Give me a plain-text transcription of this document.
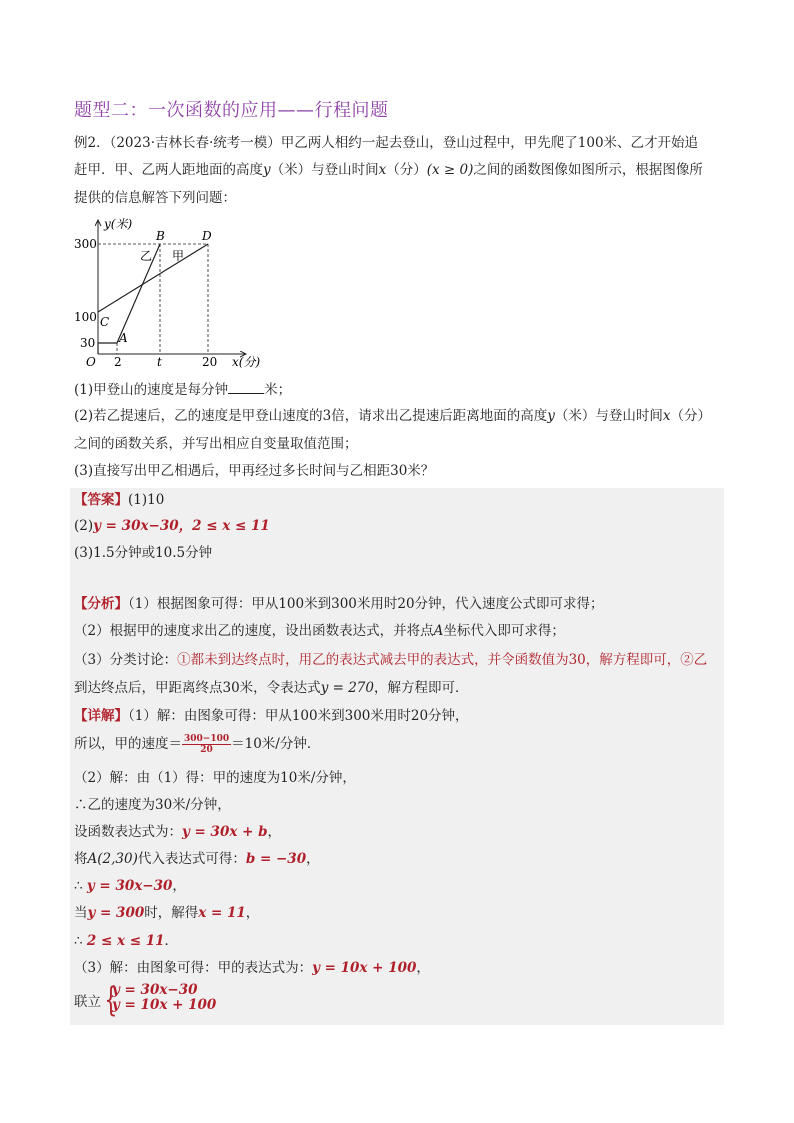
题型二：一次函数的应用——行程问题
例2．（2023·吉林长春·统考一模）甲乙两人相约一起去登山，登山过程中，甲先爬了100米、乙才开始追
赶甲．甲、乙两人距地面的高度y（米）与登山时间x（分）(x ≥ 0)之间的函数图像如图所示，根据图像所
提供的信息解答下列问题：
y(米)
x(分)
O
300
100
30
2	t	20
B	D
C
A
乙 甲
(1)甲登山的速度是每分钟	米；
(2)若乙提速后，乙的速度是甲登山速度的3倍，请求出乙提速后距离地面的高度y（米）与登山时间x（分）
之间的函数关系，并写出相应自变量取值范围；
(3)直接写出甲乙相遇后，甲再经过多长时间与乙相距30米？
【答案】(1)10
(2)y = 30x−30，2 ≤ x ≤ 11
(3)1.5分钟或10.5分钟
【分析】（1）根据图象可得：甲从100米到300米用时20分钟，代入速度公式即可求得；
（2）根据甲的速度求出乙的速度，设出函数表达式，并将点A坐标代入即可求得；
（3）分类讨论：①都未到达终点时，用乙的表达式减去甲的表达式，并令函数值为30，解方程即可，②乙
到达终点后，甲距离终点30米，令表达式y = 270，解方程即可．
【详解】（1）解：由图象可得：甲从100米到300米用时20分钟，
所以，甲的速度＝ $\frac{300-100}{20} =10$米/分钟．
（2）解：由（1）得：甲的速度为10米/分钟，
∴乙的速度为30米/分钟，
设函数表达式为：y = 30x + b，
将A(2,30)代入表达式可得：b = −30，
∴ y = 30x−30，
当y = 300时，解得x = 11，
∴ 2 ≤ x ≤ 11．
（3）解：由图象可得：甲的表达式为：y = 10x + 100，
联立 {
y = 30x−30
y = 10x + 100
